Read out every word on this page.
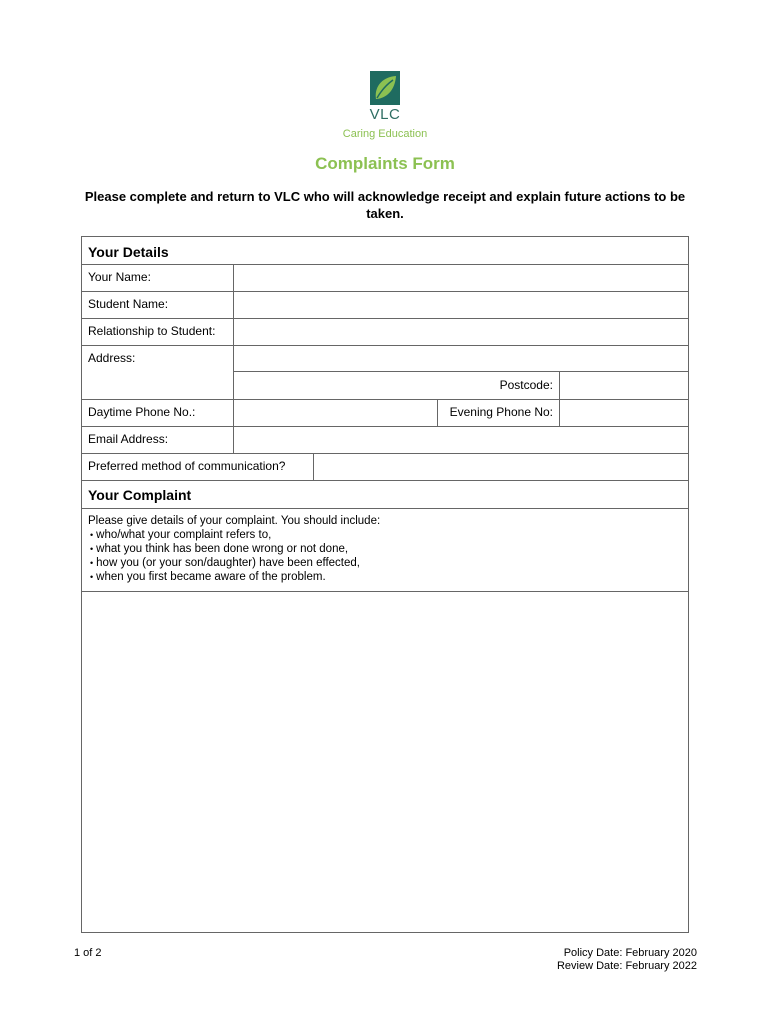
VLC
Caring Education
Complaints Form
Please complete and return to VLC who will acknowledge receipt and explain future actions to be taken.
Your Details
Your Name:
Student Name:
Relationship to Student:
Address:
Postcode:
Daytime Phone No.:	Evening Phone No:
Email Address:
Preferred method of communication?
Your Complaint
Please give details of your complaint. You should include:
• who/what your complaint refers to,
• what you think has been done wrong or not done,
• how you (or your son/daughter) have been effected,
• when you first became aware of the problem.
1 of 2	Policy Date: February 2020
Review Date: February 2022
